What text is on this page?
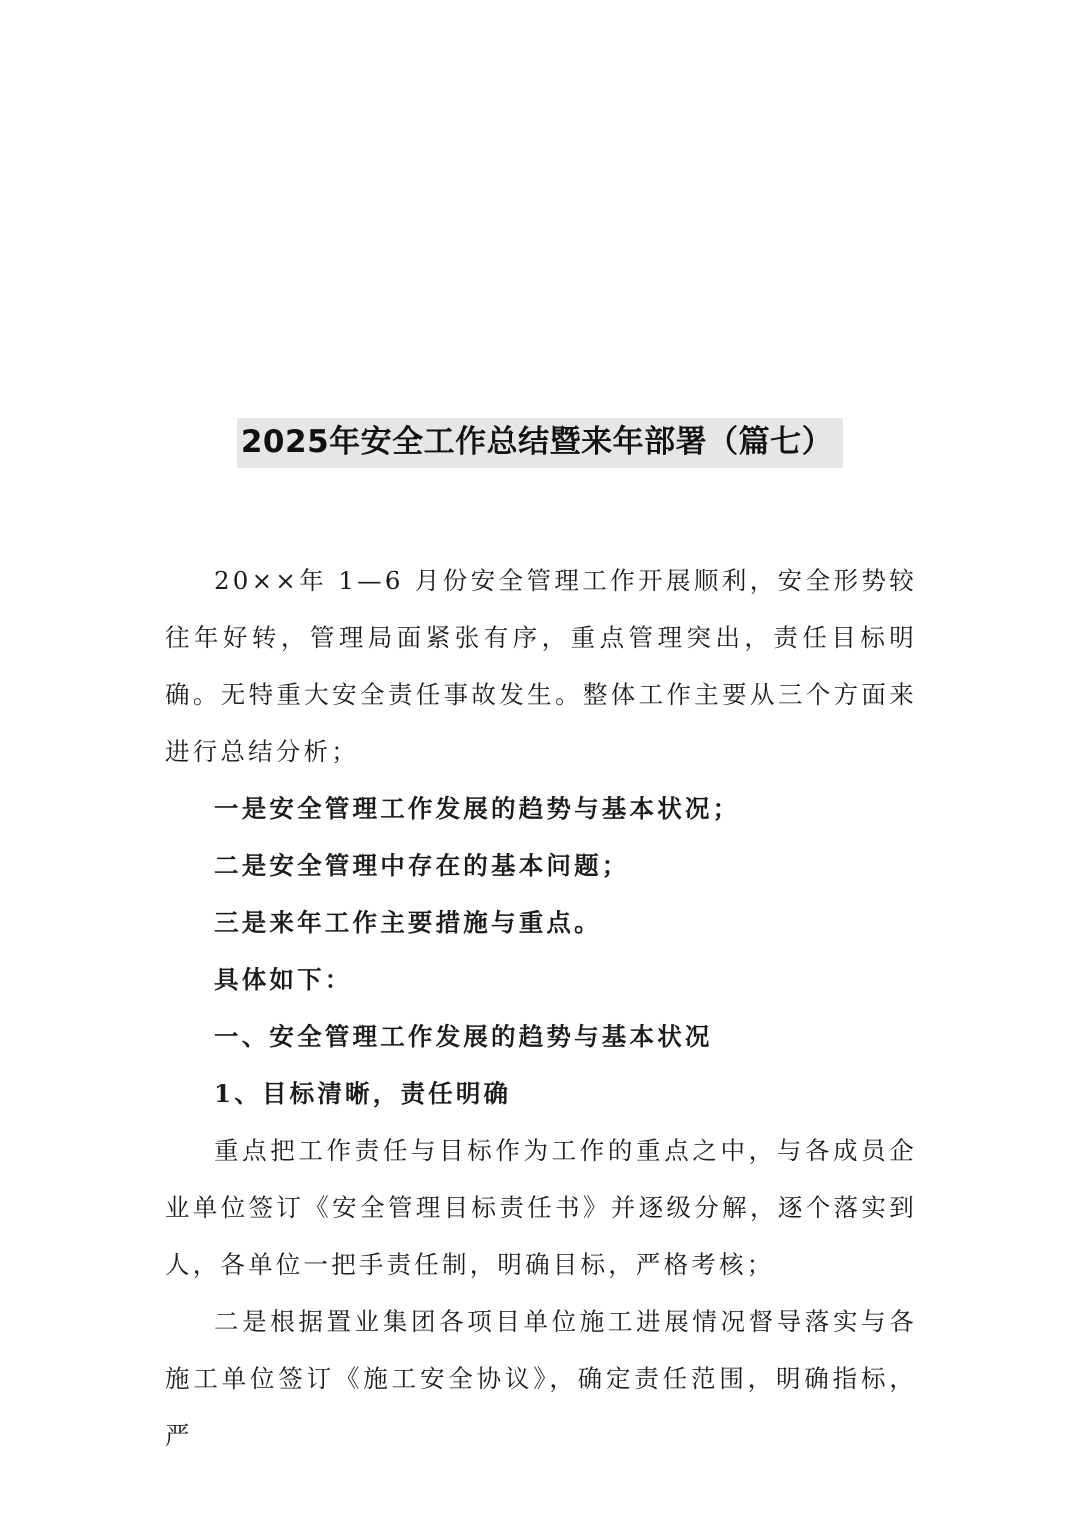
2025年安全工作总结暨来年部署（篇七）

20××年 1—6 月份安全管理工作开展顺利，安全形势较往年好转，管理局面紧张有序，重点管理突出，责任目标明确。无特重大安全责任事故发生。整体工作主要从三个方面来进行总结分析；

一是安全管理工作发展的趋势与基本状况；

二是安全管理中存在的基本问题；

三是来年工作主要措施与重点。

具体如下：

一、安全管理工作发展的趋势与基本状况

1、目标清晰，责任明确

重点把工作责任与目标作为工作的重点之中，与各成员企业单位签订《安全管理目标责任书》并逐级分解，逐个落实到人，各单位一把手责任制，明确目标，严格考核；

二是根据置业集团各项目单位施工进展情况督导落实与各施工单位签订《施工安全协议》，确定责任范围，明确指标，严
